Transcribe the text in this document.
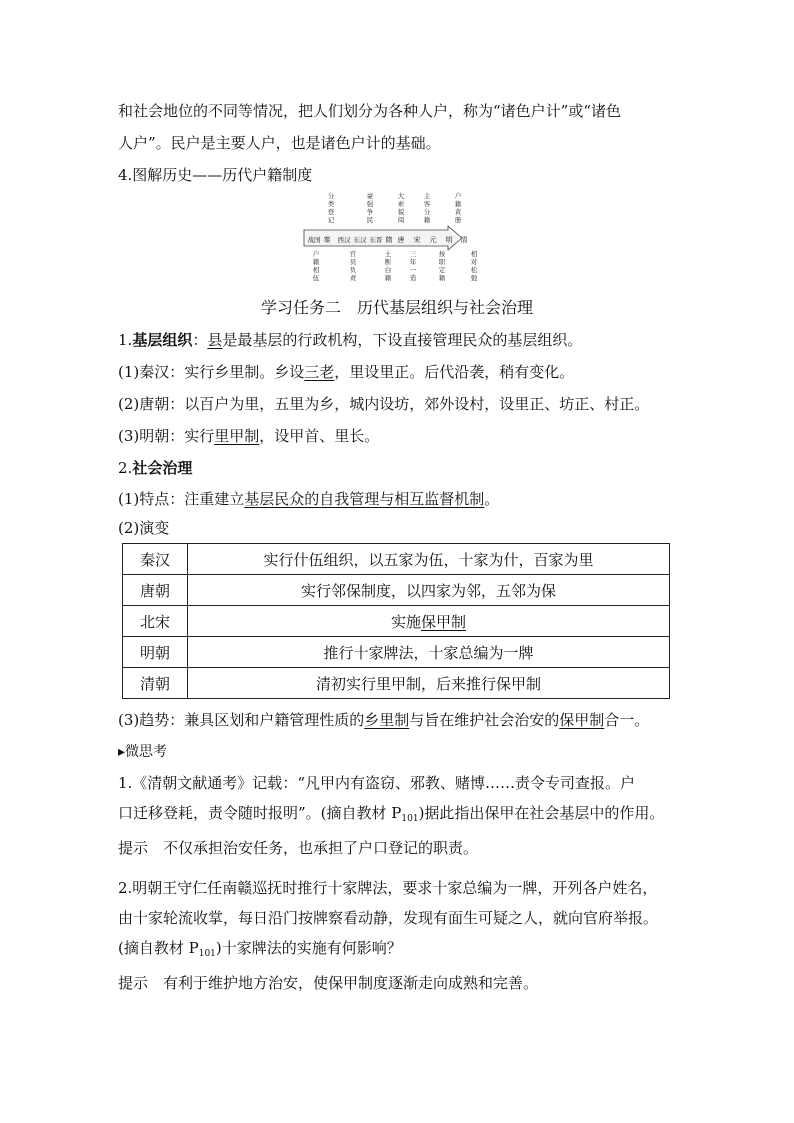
和社会地位的不同等情况，把人们划分为各种人户，称为“诸色户计”或“诸色
人户”。民户是主要人户，也是诸色户计的基础。
4.图解历史——历代户籍制度
战国 秦 西汉 东汉 东晋 隋 唐 宋 元 明 清
分类登记
豪强争民
大索貌阅
主客分籍
户籍黄册
户籍相伍
官员负责
土断白籍
三年一造
按职定籍
相对松弛
学习任务二　历代基层组织与社会治理
1.基层组织：县是最基层的行政机构，下设直接管理民众的基层组织。
(1)秦汉：实行乡里制。乡设三老，里设里正。后代沿袭，稍有变化。
(2)唐朝：以百户为里，五里为乡，城内设坊，郊外设村，设里正、坊正、村正。
(3)明朝：实行里甲制，设甲首、里长。
2.社会治理
(1)特点：注重建立基层民众的自我管理与相互监督机制。
(2)演变
秦汉	实行什伍组织，以五家为伍，十家为什，百家为里
唐朝	实行邻保制度，以四家为邻，五邻为保
北宋	实施保甲制
明朝	推行十家牌法，十家总编为一牌
清朝	清初实行里甲制，后来推行保甲制
(3)趋势：兼具区划和户籍管理性质的乡里制与旨在维护社会治安的保甲制合一。
▸微思考
1.《清朝文献通考》记载：“凡甲内有盗窃、邪教、赌博……责令专司查报。户
口迁移登耗，责令随时报明”。(摘自教材 $P_{101}$)据此指出保甲在社会基层中的作用。
提示　不仅承担治安任务，也承担了户口登记的职责。
2.明朝王守仁任南赣巡抚时推行十家牌法，要求十家总编为一牌，开列各户姓名，
由十家轮流收掌，每日沿门按牌察看动静，发现有面生可疑之人，就向官府举报。
(摘自教材 $P_{101}$)十家牌法的实施有何影响？
提示　有利于维护地方治安，使保甲制度逐渐走向成熟和完善。
